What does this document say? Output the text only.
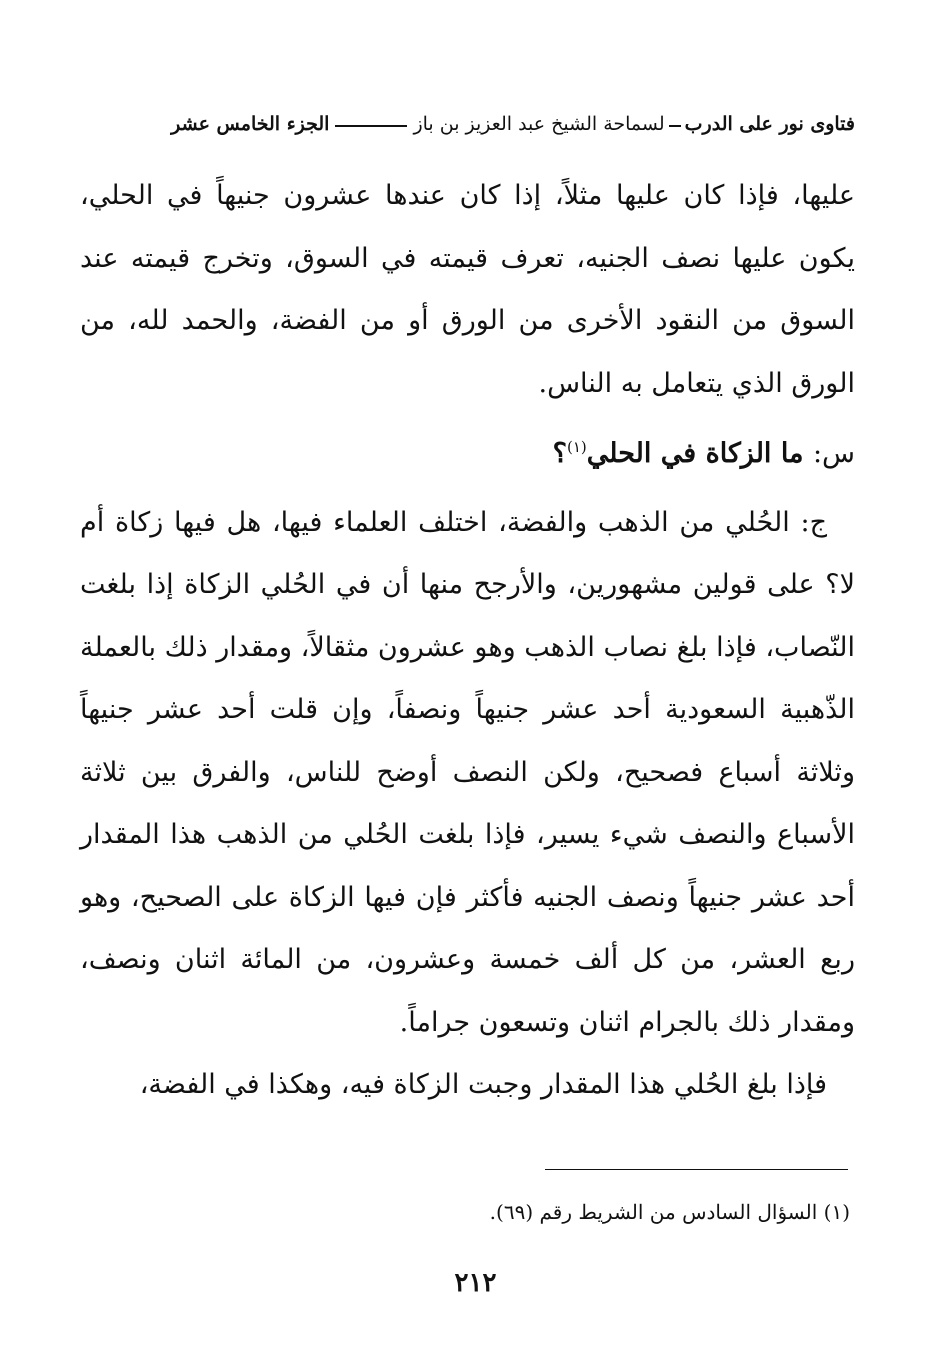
فتاوى نور على الدرب
لسماحة الشيخ عبد العزيز بن باز
الجزء الخامس عشر

عليها، فإذا كان عليها مثلاً، إذا كان عندها عشرون جنيهاً في الحلي، يكون عليها نصف الجنيه، تعرف قيمته في السوق، وتخرج قيمته عند السوق من النقود الأخرى من الورق أو من الفضة، والحمد لله، من الورق الذي يتعامل به الناس.

س: ما الزكاة في الحلي$^{(١)}$؟

ج: الحُلي من الذهب والفضة، اختلف العلماء فيها، هل فيها زكاة أم لا؟ على قولين مشهورين، والأرجح منها أن في الحُلي الزكاة إذا بلغت النّصاب، فإذا بلغ نصاب الذهب وهو عشرون مثقالاً، ومقدار ذلك بالعملة الذّهبية السعودية أحد عشر جنيهاً ونصفاً، وإن قلت أحد عشر جنيهاً وثلاثة أسباع فصحيح، ولكن النصف أوضح للناس، والفرق بين ثلاثة الأسباع والنصف شيء يسير، فإذا بلغت الحُلي من الذهب هذا المقدار أحد عشر جنيهاً ونصف الجنيه فأكثر فإن فيها الزكاة على الصحيح، وهو ربع العشر، من كل ألف خمسة وعشرون، من المائة اثنان ونصف، ومقدار ذلك بالجرام اثنان وتسعون جراماً.

فإذا بلغ الحُلي هذا المقدار وجبت الزكاة فيه، وهكذا في الفضة،

(١) السؤال السادس من الشريط رقم (٦٩).
٢١٢
